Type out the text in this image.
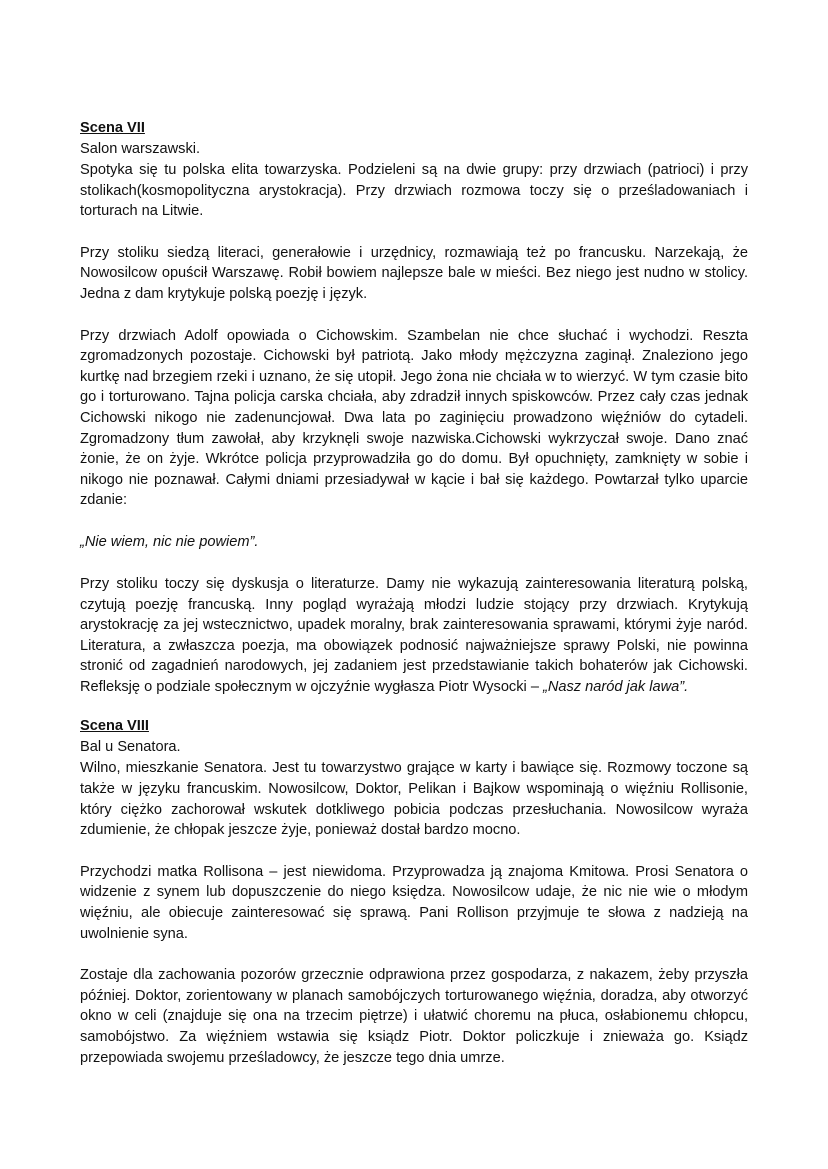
Scena VII

Salon warszawski.

Spotyka się tu polska elita towarzyska. Podzieleni są na dwie grupy: przy drzwiach (patrioci) i przy stolikach(kosmopolityczna arystokracja). Przy drzwiach rozmowa toczy się o prześladowaniach i torturach na Litwie.

Przy stoliku siedzą literaci, generałowie i urzędnicy, rozmawiają też po francusku. Narzekają, że Nowosilcow opuścił Warszawę. Robił bowiem najlepsze bale w mieści. Bez niego jest nudno w stolicy. Jedna z dam krytykuje polską poezję i język.

Przy drzwiach Adolf opowiada o Cichowskim. Szambelan nie chce słuchać i wychodzi. Reszta zgromadzonych pozostaje. Cichowski był patriotą. Jako młody mężczyzna zaginął. Znaleziono jego kurtkę nad brzegiem rzeki i uznano, że się utopił. Jego żona nie chciała w to wierzyć. W tym czasie bito go i torturowano. Tajna policja carska chciała, aby zdradził innych spiskowców. Przez cały czas jednak Cichowski nikogo nie zadenuncjował. Dwa lata po zaginięciu prowadzono więźniów do cytadeli. Zgromadzony tłum zawołał, aby krzyknęli swoje nazwiska.Cichowski wykrzyczał swoje. Dano znać żonie, że on żyje. Wkrótce policja przyprowadziła go do domu. Był opuchnięty, zamknięty w sobie i nikogo nie poznawał. Całymi dniami przesiadywał w kącie i bał się każdego. Powtarzał tylko uparcie zdanie:

„Nie wiem, nic nie powiem”.

Przy stoliku toczy się dyskusja o literaturze. Damy nie wykazują zainteresowania literaturą polską, czytują poezję francuską. Inny pogląd wyrażają młodzi ludzie stojący przy drzwiach. Krytykują arystokrację za jej wstecznictwo, upadek moralny, brak zainteresowania sprawami, którymi żyje naród. Literatura, a zwłaszcza poezja, ma obowiązek podnosić najważniejsze sprawy Polski, nie powinna stronić od zagadnień narodowych, jej zadaniem jest przedstawianie takich bohaterów jak Cichowski. Refleksję o podziale społecznym w ojczyźnie wygłasza Piotr Wysocki – „Nasz naród jak lawa”.

Scena VIII

Bal u Senatora.

Wilno, mieszkanie Senatora. Jest tu towarzystwo grające w karty i bawiące się. Rozmowy toczone są także w języku francuskim. Nowosilcow, Doktor, Pelikan i Bajkow wspominają o więźniu Rollisonie, który ciężko zachorował wskutek dotkliwego pobicia podczas przesłuchania. Nowosilcow wyraża zdumienie, że chłopak jeszcze żyje, ponieważ dostał bardzo mocno.

Przychodzi matka Rollisona – jest niewidoma. Przyprowadza ją znajoma Kmitowa. Prosi Senatora o widzenie z synem lub dopuszczenie do niego księdza. Nowosilcow udaje, że nic nie wie o młodym więźniu, ale obiecuje zainteresować się sprawą. Pani Rollison przyjmuje te słowa z nadzieją na uwolnienie syna.

Zostaje dla zachowania pozorów grzecznie odprawiona przez gospodarza, z nakazem, żeby przyszła później. Doktor, zorientowany w planach samobójczych torturowanego więźnia, doradza, aby otworzyć okno w celi (znajduje się ona na trzecim piętrze) i ułatwić choremu na płuca, osłabionemu chłopcu, samobójstwo. Za więźniem wstawia się ksiądz Piotr. Doktor policzkuje i znieważa go. Ksiądz przepowiada swojemu prześladowcy, że jeszcze tego dnia umrze.
